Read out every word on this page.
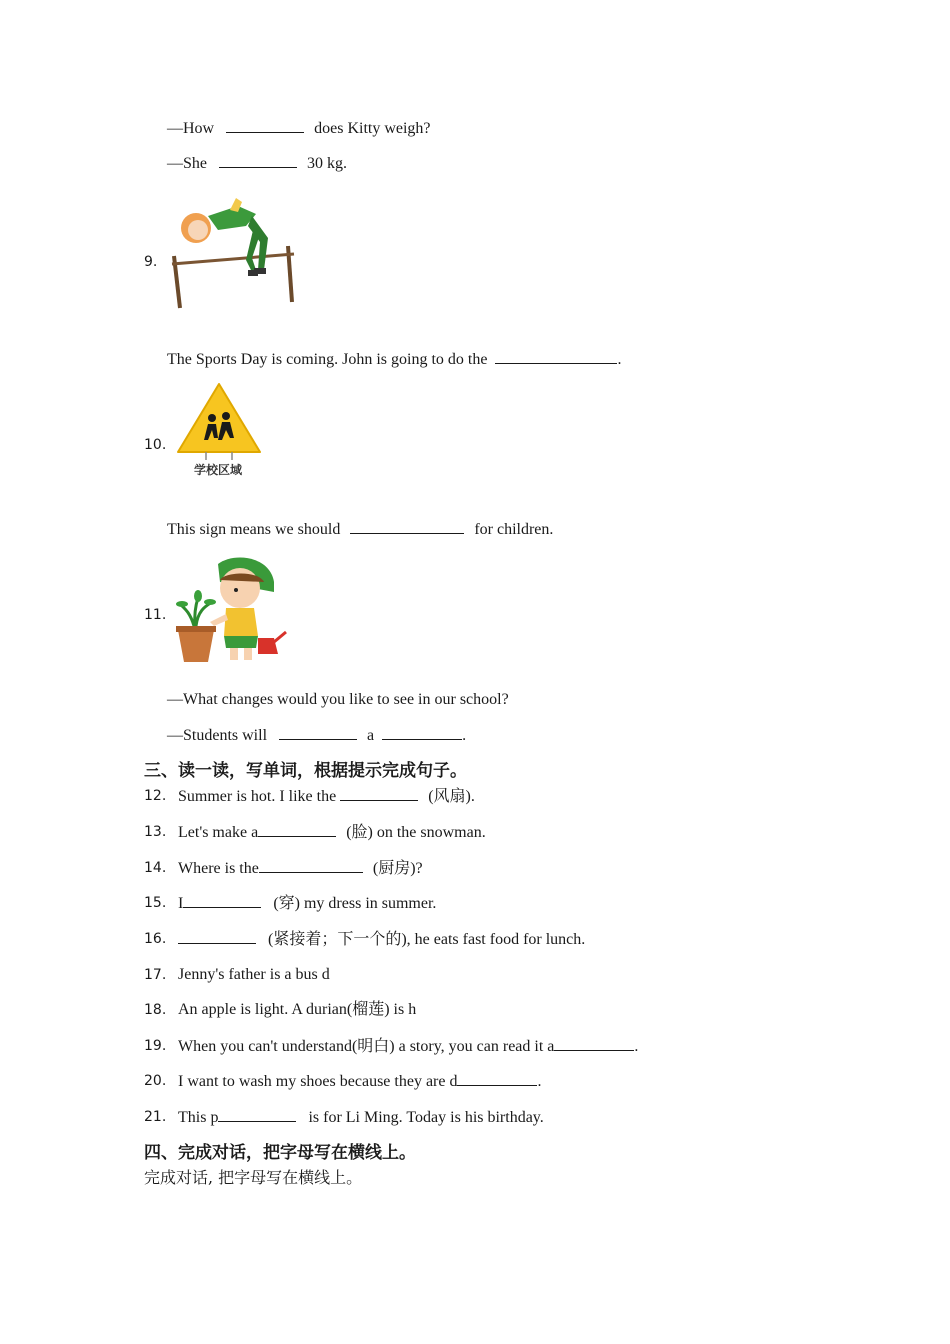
—How	does Kitty weigh?
—She	30 kg.
9.
The Sports Day is coming. John is going to do the	.
10.
学校区域
This sign means we should	for children.
11.
—What changes would you like to see in our school?
—Students will	a	.
三、读一读，写单词，根据提示完成句子。
12. Summer is hot. I like the	(风扇).
13. Let's make a	(脸) on the snowman.
14. Where is the	(厨房)?
15. I	(穿) my dress in summer.
16.	(紧接着；下一个的), he eats fast food for lunch.
17. Jenny's father is a bus d
18. An apple is light. A durian(榴莲) is h
19. When you can't understand(明白) a story, you can read it a	.
20. I want to wash my shoes because they are d	.
21. This p	is for Li Ming. Today is his birthday.
四、完成对话，把字母写在横线上。
完成对话, 把字母写在横线上。
